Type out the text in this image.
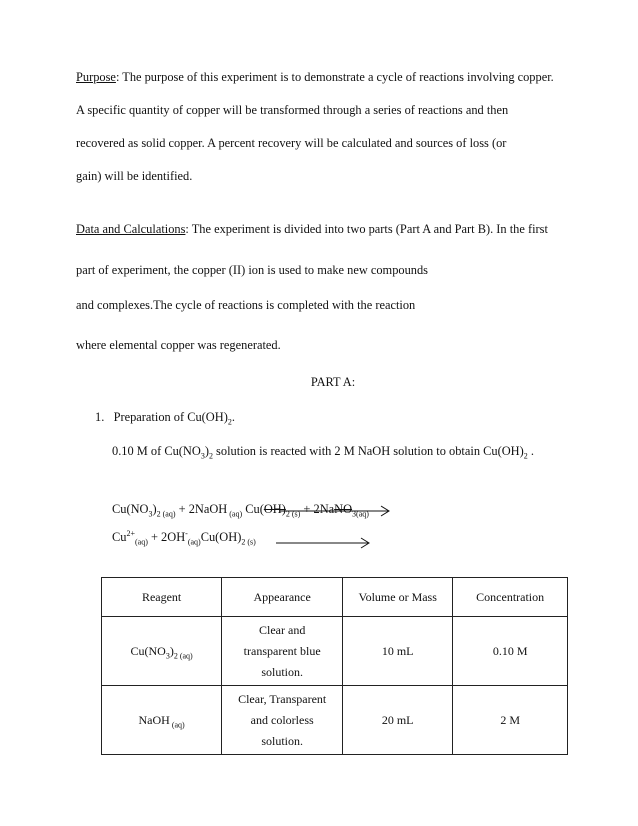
Purpose: The purpose of this experiment is to demonstrate a cycle of reactions involving copper.
A specific quantity of copper will be transformed through a series of reactions and then
recovered as solid copper. A percent recovery will be calculated and sources of loss (or
gain) will be identified.
Data and Calculations: The experiment is divided into two parts (Part A and Part B). In the first
part of experiment, the copper (II) ion is used to make new compounds
and complexes.The cycle of reactions is completed with the reaction
where elemental copper was regenerated.
PART A:
1. Preparation of $Cu(OH)_2$.
0.10 M of $Cu(NO_3)_2$ solution is reacted with 2 M NaOH solution to obtain $Cu(OH)_2$ .
$Cu(NO_3)_{2 (aq)}$ + 2NaOH $_{(aq)}$ $Cu(OH)_{2 (s)}$ + 2NaNO$_{3(aq)}$
$Cu^{2+}_{(aq)} + 2OH^-_{(aq)}Cu(OH)_{2 (s)}$
Reagent	Appearance	Volume or Mass	Concentration
$Cu(NO_3)_{2 (aq)}$	Clear and
transparent blue
solution.	10 mL	0.10 M
NaOH $_{(aq)}$	Clear, Transparent
and colorless
solution.	20 mL	2 M
